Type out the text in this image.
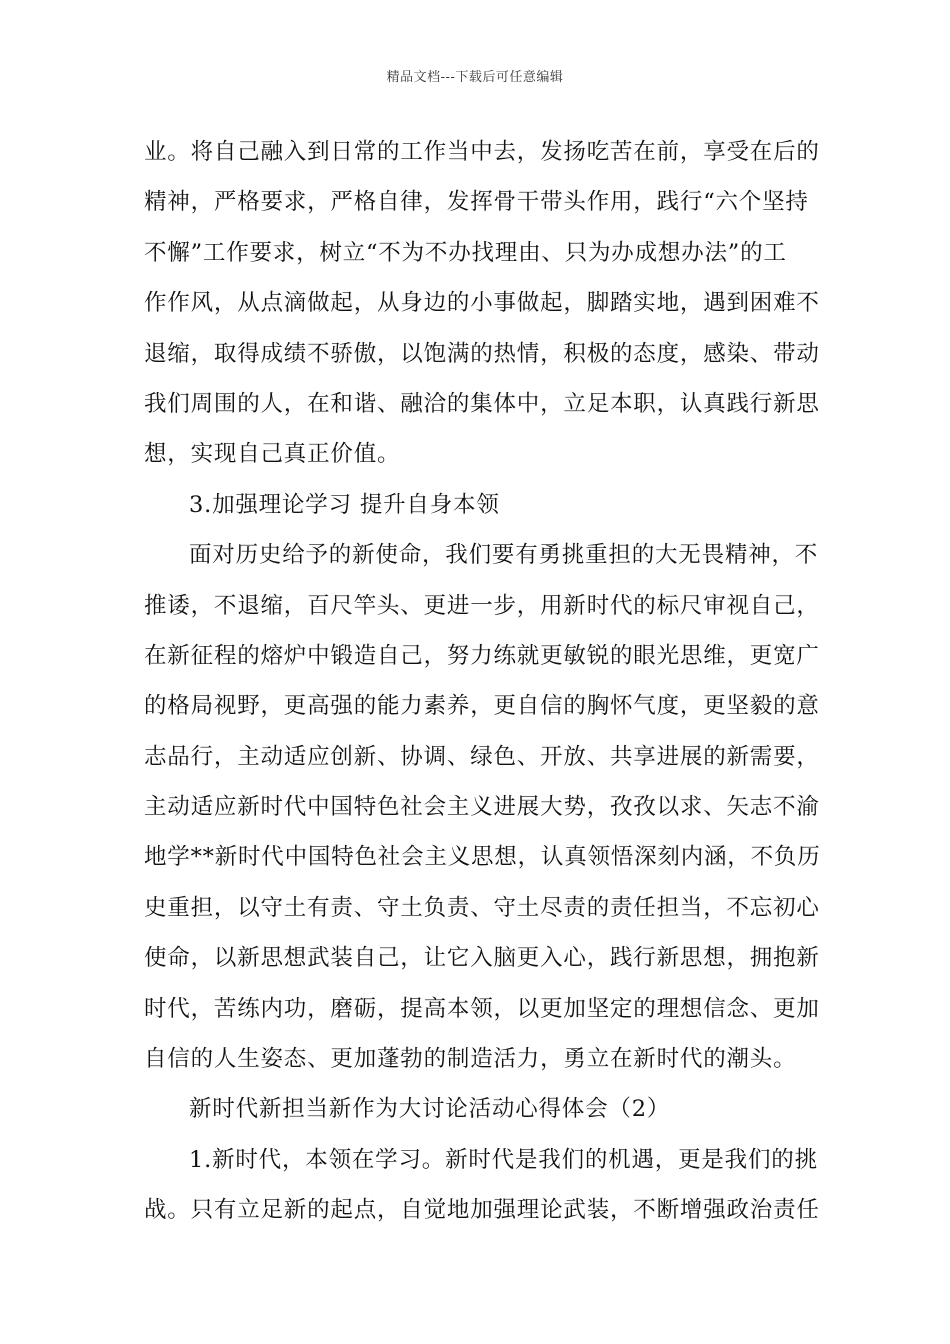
精品文档---下载后可任意编辑
业。将自己融入到日常的工作当中去，发扬吃苦在前，享受在后的
精神，严格要求，严格自律，发挥骨干带头作用，践行“六个坚持
不懈”工作要求，树立“不为不办找理由、只为办成想办法”的工
作作风，从点滴做起，从身边的小事做起，脚踏实地，遇到困难不
退缩，取得成绩不骄傲，以饱满的热情，积极的态度，感染、带动
我们周围的人，在和谐、融洽的集体中，立足本职，认真践行新思
想，实现自己真正价值。
3.加强理论学习 提升自身本领
面对历史给予的新使命，我们要有勇挑重担的大无畏精神，不
推诿，不退缩，百尺竿头、更进一步，用新时代的标尺审视自己，
在新征程的熔炉中锻造自己，努力练就更敏锐的眼光思维，更宽广
的格局视野，更高强的能力素养，更自信的胸怀气度，更坚毅的意
志品行，主动适应创新、协调、绿色、开放、共享进展的新需要，
主动适应新时代中国特色社会主义进展大势，孜孜以求、矢志不渝
地学**新时代中国特色社会主义思想，认真领悟深刻内涵，不负历
史重担，以守土有责、守土负责、守土尽责的责任担当，不忘初心
使命，以新思想武装自己，让它入脑更入心，践行新思想，拥抱新
时代，苦练内功，磨砺，提高本领，以更加坚定的理想信念、更加
自信的人生姿态、更加蓬勃的制造活力，勇立在新时代的潮头。
新时代新担当新作为大讨论活动心得体会（2）
1.新时代，本领在学习。新时代是我们的机遇，更是我们的挑
战。只有立足新的起点，自觉地加强理论武装，不断增强政治责任
